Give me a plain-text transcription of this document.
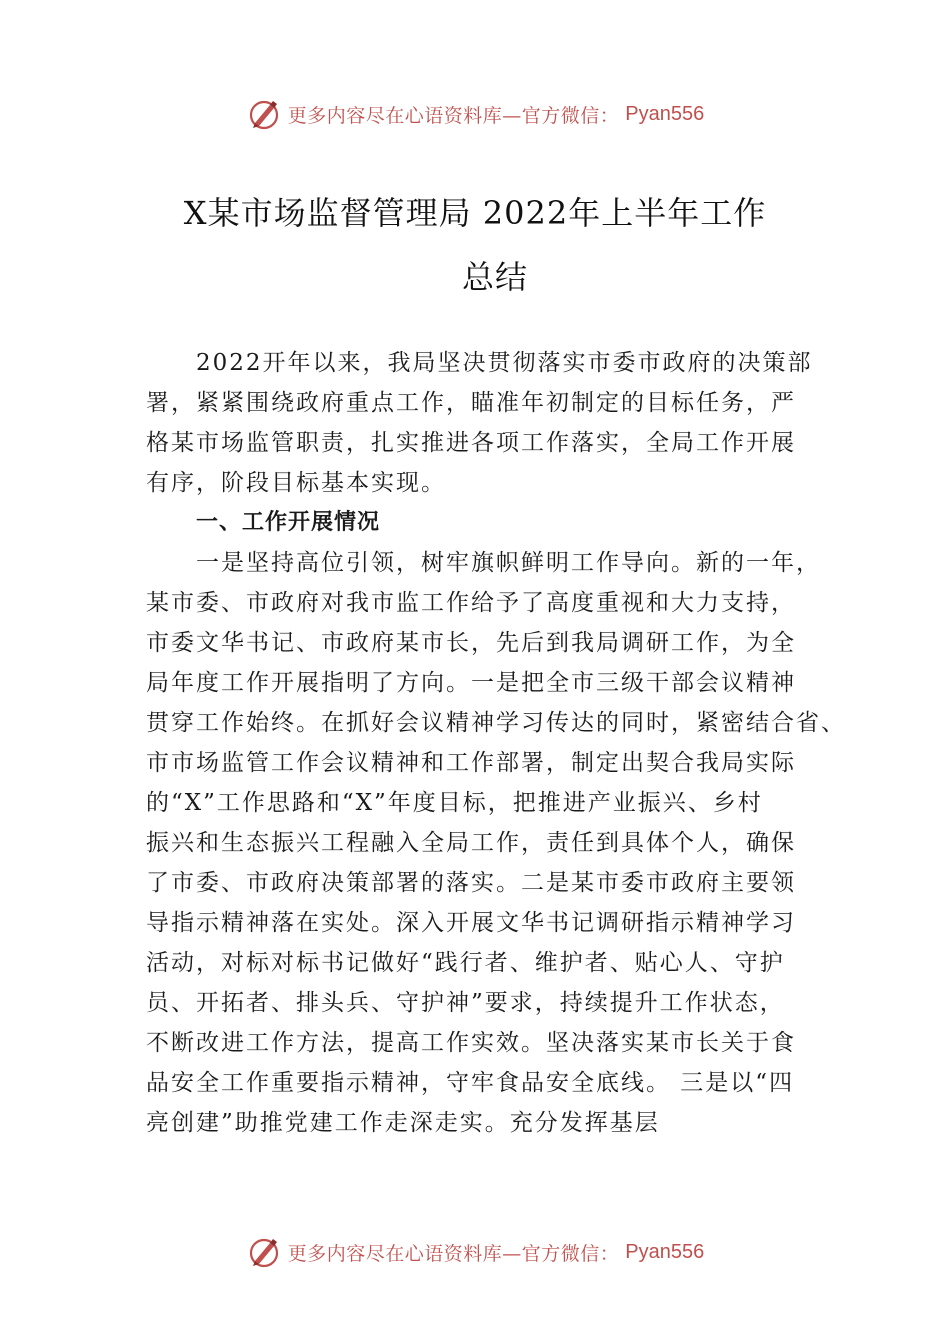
更多内容尽在心语资料库—官方微信： Pyan556
X某市场监督管理局 2022年上半年工作
总结
2022开年以来，我局坚决贯彻落实市委市政府的决策部
署，紧紧围绕政府重点工作，瞄准年初制定的目标任务，严
格某市场监管职责，扎实推进各项工作落实，全局工作开展
有序，阶段目标基本实现。
一、工作开展情况
一是坚持高位引领，树牢旗帜鲜明工作导向。新的一年，
某市委、市政府对我市监工作给予了高度重视和大力支持，
市委文华书记、市政府某市长，先后到我局调研工作，为全
局年度工作开展指明了方向。一是把全市三级干部会议精神
贯穿工作始终。在抓好会议精神学习传达的同时，紧密结合省、
市市场监管工作会议精神和工作部署，制定出契合我局实际
的“X”工作思路和“X”年度目标，把推进产业振兴、乡村
振兴和生态振兴工程融入全局工作，责任到具体个人，确保
了市委、市政府决策部署的落实。二是某市委市政府主要领
导指示精神落在实处。深入开展文华书记调研指示精神学习
活动，对标对标书记做好“践行者、维护者、贴心人、守护
员、开拓者、排头兵、守护神”要求，持续提升工作状态，
不断改进工作方法，提高工作实效。坚决落实某市长关于食
品安全工作重要指示精神，守牢食品安全底线。 三是以“四
亮创建”助推党建工作走深走实。充分发挥基层
更多内容尽在心语资料库—官方微信： Pyan556
